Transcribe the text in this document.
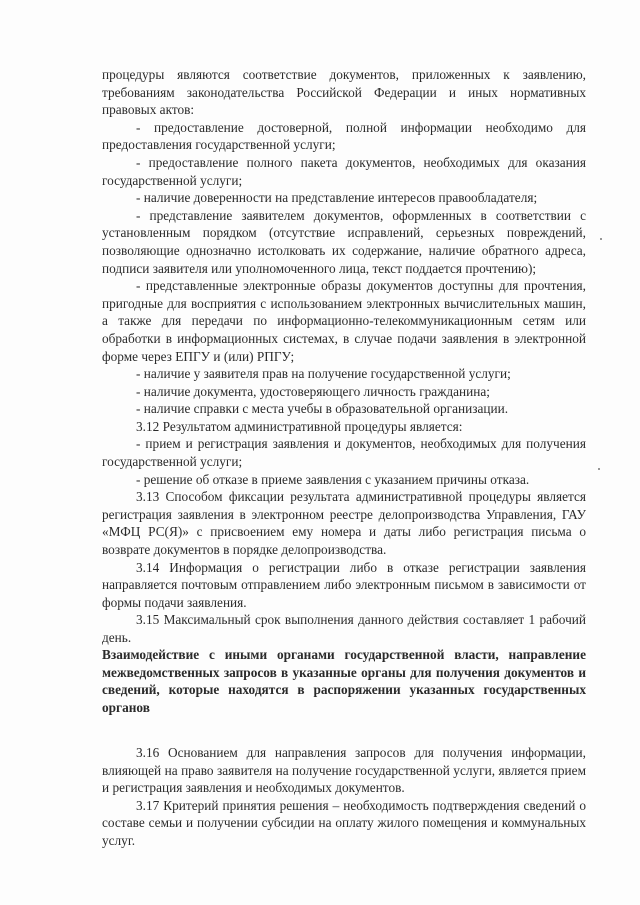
процедуры являются соответствие документов, приложенных к заявлению, требованиям законодательства Российской Федерации и иных нормативных правовых актов:

- предоставление достоверной, полной информации необходимо для предоставления государственной услуги;

- предоставление полного пакета документов, необходимых для оказания государственной услуги;

- наличие доверенности на представление интересов правообладателя;

- представление заявителем документов, оформленных в соответствии с установленным порядком (отсутствие исправлений, серьезных повреждений, позволяющие однозначно истолковать их содержание, наличие обратного адреса, подписи заявителя или уполномоченного лица, текст поддается прочтению);

- представленные электронные образы документов доступны для прочтения, пригодные для восприятия с использованием электронных вычислительных машин, а также для передачи по информационно-телекоммуникационным сетям или обработки в информационных системах, в случае подачи заявления в электронной форме через ЕПГУ и (или) РПГУ;

- наличие у заявителя прав на получение государственной услуги;

- наличие документа, удостоверяющего личность гражданина;

- наличие справки с места учебы в образовательной организации.

3.12 Результатом административной процедуры является:

- прием и регистрация заявления и документов, необходимых для получения государственной услуги;

- решение об отказе в приеме заявления с указанием причины отказа.

3.13 Способом фиксации результата административной процедуры является регистрация заявления в электронном реестре делопроизводства Управления, ГАУ «МФЦ РС(Я)» с присвоением ему номера и даты либо регистрация письма о возврате документов в порядке делопроизводства.

3.14 Информация о регистрации либо в отказе регистрации заявления направляется почтовым отправлением либо электронным письмом в зависимости от формы подачи заявления.

3.15 Максимальный срок выполнения данного действия составляет 1 рабочий день.

Взаимодействие с иными органами государственной власти, направление межведомственных запросов в указанные органы для получения документов и сведений, которые находятся в распоряжении указанных государственных органов

3.16 Основанием для направления запросов для получения информации, влияющей на право заявителя на получение государственной услуги, является прием и регистрация заявления и необходимых документов.

3.17 Критерий принятия решения – необходимость подтверждения сведений о составе семьи и получении субсидии на оплату жилого помещения и коммунальных услуг.
